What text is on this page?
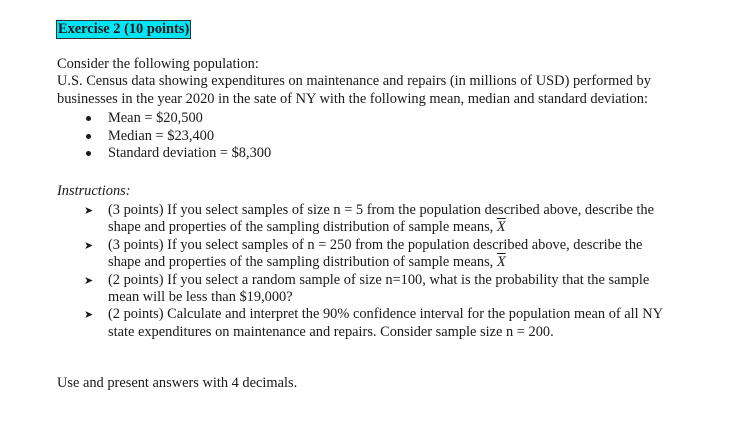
Exercise 2 (10 points)

Consider the following population:

U.S. Census data showing expenditures on maintenance and repairs (in millions of USD) performed by

businesses in the year 2020 in the sate of NY with the following mean, median and standard deviation:

Mean = $20,500
Median = $23,400
Standard deviation = $8,300
Instructions:
➤ (3 points) If you select samples of size n = 5 from the population described above, describe the
shape and properties of the sampling distribution of sample means, $\overline{X}$
➤ (3 points) If you select samples of n = 250 from the population described above, describe the
shape and properties of the sampling distribution of sample means, $\overline{X}$
➤ (2 points) If you select a random sample of size n=100, what is the probability that the sample
mean will be less than $19,000?
➤ (2 points) Calculate and interpret the 90% confidence interval for the population mean of all NY
state expenditures on maintenance and repairs. Consider sample size n = 200.
Use and present answers with 4 decimals.
